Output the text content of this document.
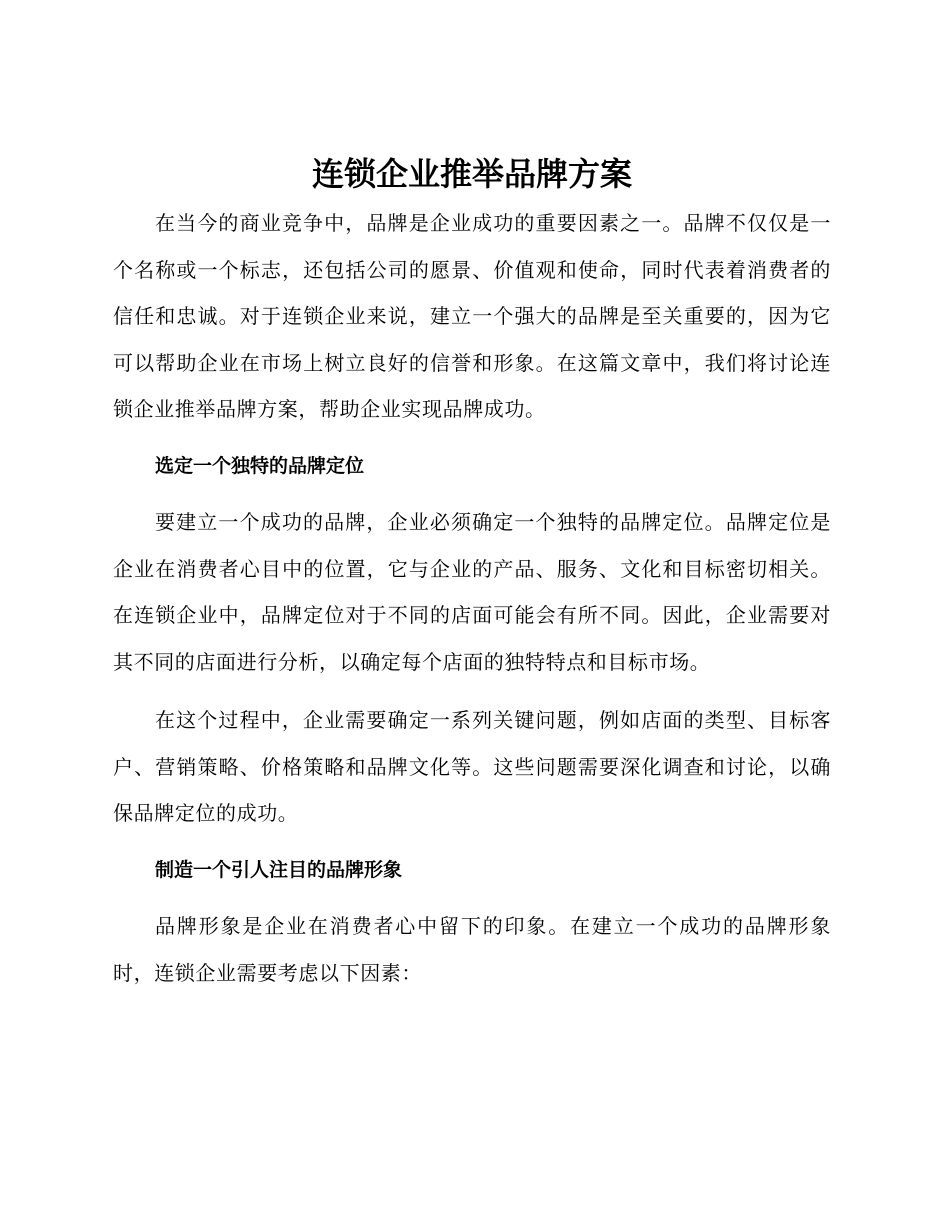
连锁企业推举品牌方案

在当今的商业竞争中，品牌是企业成功的重要因素之一。品牌不仅仅是一个名称或一个标志，还包括公司的愿景、价值观和使命，同时代表着消费者的信任和忠诚。对于连锁企业来说，建立一个强大的品牌是至关重要的，因为它可以帮助企业在市场上树立良好的信誉和形象。在这篇文章中，我们将讨论连锁企业推举品牌方案，帮助企业实现品牌成功。

选定一个独特的品牌定位

要建立一个成功的品牌，企业必须确定一个独特的品牌定位。品牌定位是企业在消费者心目中的位置，它与企业的产品、服务、文化和目标密切相关。在连锁企业中，品牌定位对于不同的店面可能会有所不同。因此，企业需要对其不同的店面进行分析，以确定每个店面的独特特点和目标市场。

在这个过程中，企业需要确定一系列关键问题，例如店面的类型、目标客户、营销策略、价格策略和品牌文化等。这些问题需要深化调查和讨论，以确保品牌定位的成功。

制造一个引人注目的品牌形象

品牌形象是企业在消费者心中留下的印象。在建立一个成功的品牌形象时，连锁企业需要考虑以下因素：
